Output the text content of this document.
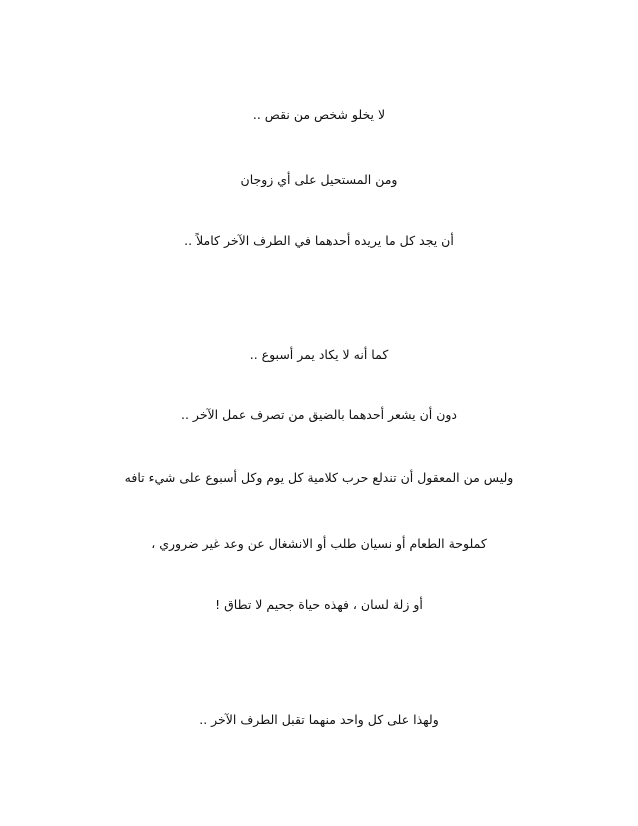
لا يخلو شخص من نقص ..
ومن المستحيل على أي زوجان
أن يجد كل ما يريده أحدهما في الطرف الآخر كاملاً ..
كما أنه لا يكاد يمر أسبوع ..
دون أن يشعر أحدهما بالضيق من تصرف عمل الآخر ..
وليس من المعقول أن تندلع حرب كلامية كل يوم وكل أسبوع على شيء تافه
كملوحة الطعام أو نسيان طلب أو الانشغال عن وعد غير ضروري ،
أو زلة لسان ، فهذه حياة جحيم لا تطاق !
ولهذا على كل واحد منهما تقبل الطرف الآخر ..
